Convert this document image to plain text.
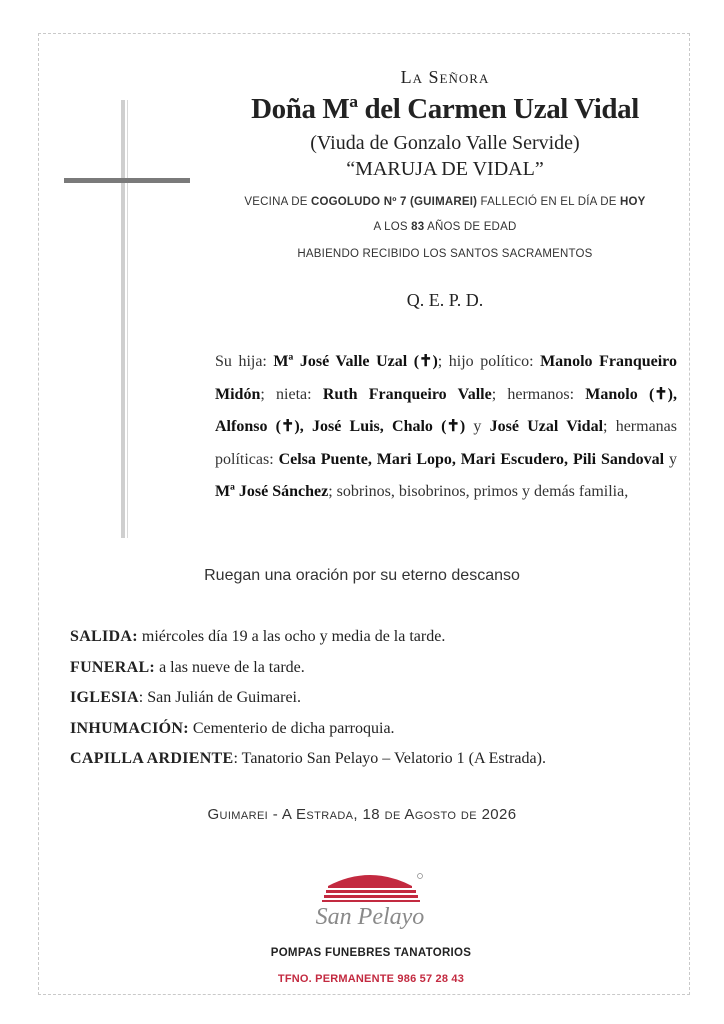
La Señora
Doña Mª del Carmen Uzal Vidal
(Viuda de Gonzalo Valle Servide)
“MARUJA DE VIDAL”
VECINA DE COGOLUDO Nº 7 (GUIMAREI) FALLECIÓ EN EL DÍA DE HOY
A LOS 83 AÑOS DE EDAD
HABIENDO RECIBIDO LOS SANTOS SACRAMENTOS
Q. E. P. D.
Su hija: Mª José Valle Uzal (✝); hijo político: Manolo Franqueiro Midón; nieta: Ruth Franqueiro Valle; hermanos: Manolo (✝), Alfonso (✝), José Luis, Chalo (✝) y José Uzal Vidal; hermanas políticas: Celsa Puente, Mari Lopo, Mari Escudero, Pili Sandoval y Mª José Sánchez; sobrinos, bisobrinos, primos y demás familia,
Ruegan una oración por su eterno descanso
SALIDA: miércoles día 19 a las ocho y media de la tarde.
FUNERAL: a las nueve de la tarde.
IGLESIA: San Julián de Guimarei.
INHUMACIÓN: Cementerio de dicha parroquia.
CAPILLA ARDIENTE: Tanatorio San Pelayo – Velatorio 1 (A Estrada).
Guimarei - A Estrada, 18 de Agosto de 2026
San Pelayo
POMPAS FUNEBRES TANATORIOS
TFNO. PERMANENTE 986 57 28 43
